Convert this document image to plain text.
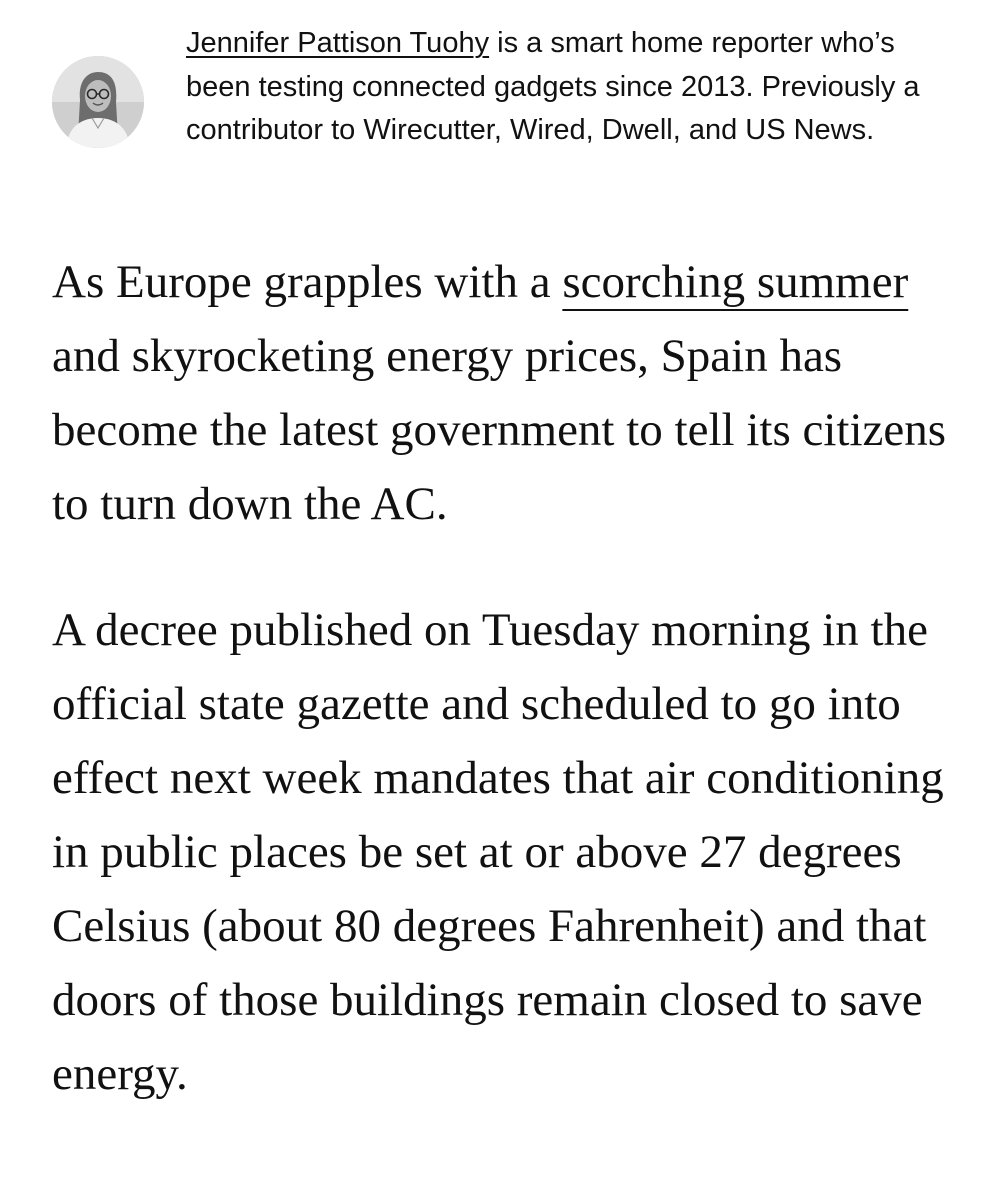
Jennifer Pattison Tuohy is a smart home reporter who’s been testing connected gadgets since 2013. Previously a contributor to Wirecutter, Wired, Dwell, and US News.

As Europe grapples with a scorching summer and skyrocketing energy prices, Spain has become the latest government to tell its citizens to turn down the AC.

A decree published on Tuesday morning in the official state gazette and scheduled to go into effect next week mandates that air conditioning in public places be set at or above 27 degrees Celsius (about 80 degrees Fahrenheit) and that doors of those buildings remain closed to save energy.
